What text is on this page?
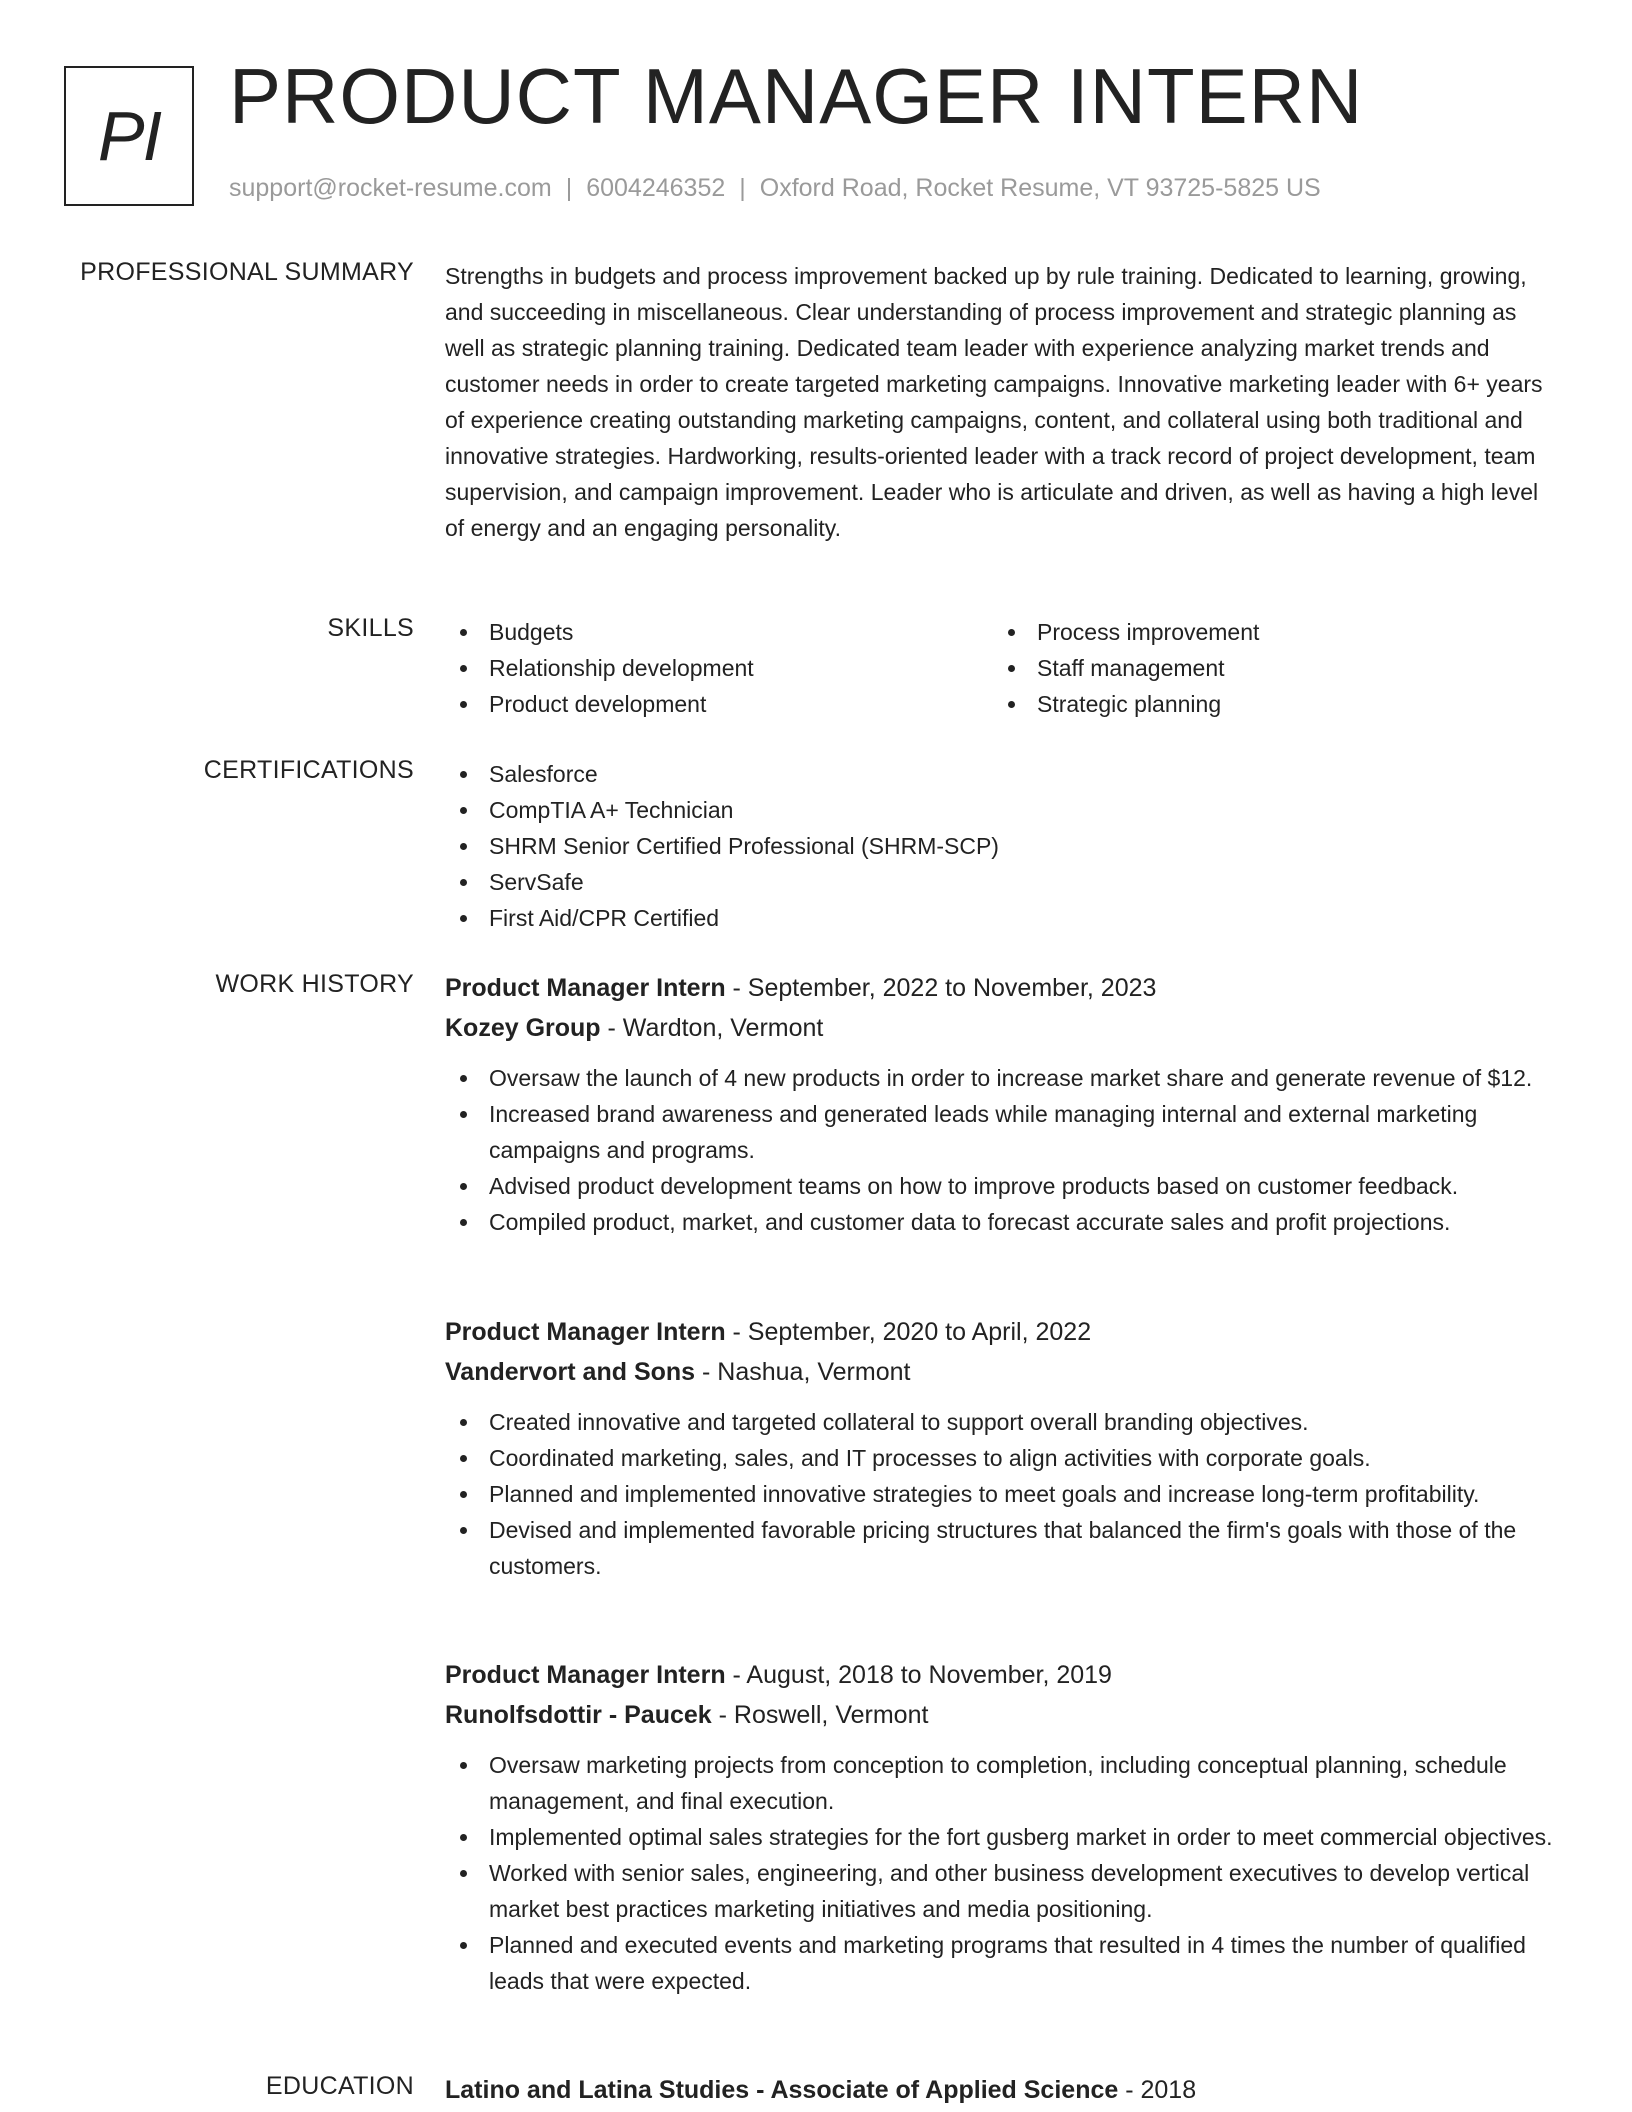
PI PRODUCT MANAGER INTERN
support@rocket-resume.com | 6004246352 | Oxford Road, Rocket Resume, VT 93725-5825 US
PROFESSIONAL SUMMARY Strengths in budgets and process improvement backed up by rule training. Dedicated to learning, growing, and succeeding in miscellaneous. Clear understanding of process improvement and strategic planning as well as strategic planning training. Dedicated team leader with experience analyzing market trends and customer needs in order to create targeted marketing campaigns. Innovative marketing leader with 6+ years of experience creating outstanding marketing campaigns, content, and collateral using both traditional and innovative strategies. Hardworking, results-oriented leader with a track record of project development, team supervision, and campaign improvement. Leader who is articulate and driven, as well as having a high level of energy and an engaging personality.

SKILLS	Budgets
Relationship development
Product development
Process improvement
Staff management
Strategic planning
CERTIFICATIONS	Salesforce
CompTIA A+ Technician
SHRM Senior Certified Professional (SHRM-SCP)
ServSafe
First Aid/CPR Certified
WORK HISTORY Product Manager Intern - September, 2022 to November, 2023
Kozey Group - Wardton, Vermont
Oversaw the launch of 4 new products in order to increase market share and generate revenue of $12.
Increased brand awareness and generated leads while managing internal and external marketing campaigns and programs.
Advised product development teams on how to improve products based on customer feedback.
Compiled product, market, and customer data to forecast accurate sales and profit projections.
Product Manager Intern - September, 2020 to April, 2022
Vandervort and Sons - Nashua, Vermont
Created innovative and targeted collateral to support overall branding objectives.
Coordinated marketing, sales, and IT processes to align activities with corporate goals.
Planned and implemented innovative strategies to meet goals and increase long-term profitability.
Devised and implemented favorable pricing structures that balanced the firm's goals with those of the customers.
Product Manager Intern - August, 2018 to November, 2019
Runolfsdottir - Paucek - Roswell, Vermont
Oversaw marketing projects from conception to completion, including conceptual planning, schedule management, and final execution.
Implemented optimal sales strategies for the fort gusberg market in order to meet commercial objectives.
Worked with senior sales, engineering, and other business development executives to develop vertical market best practices marketing initiatives and media positioning.
Planned and executed events and marketing programs that resulted in 4 times the number of qualified leads that were expected.
EDUCATION Latino and Latina Studies - Associate of Applied Science - 2018
